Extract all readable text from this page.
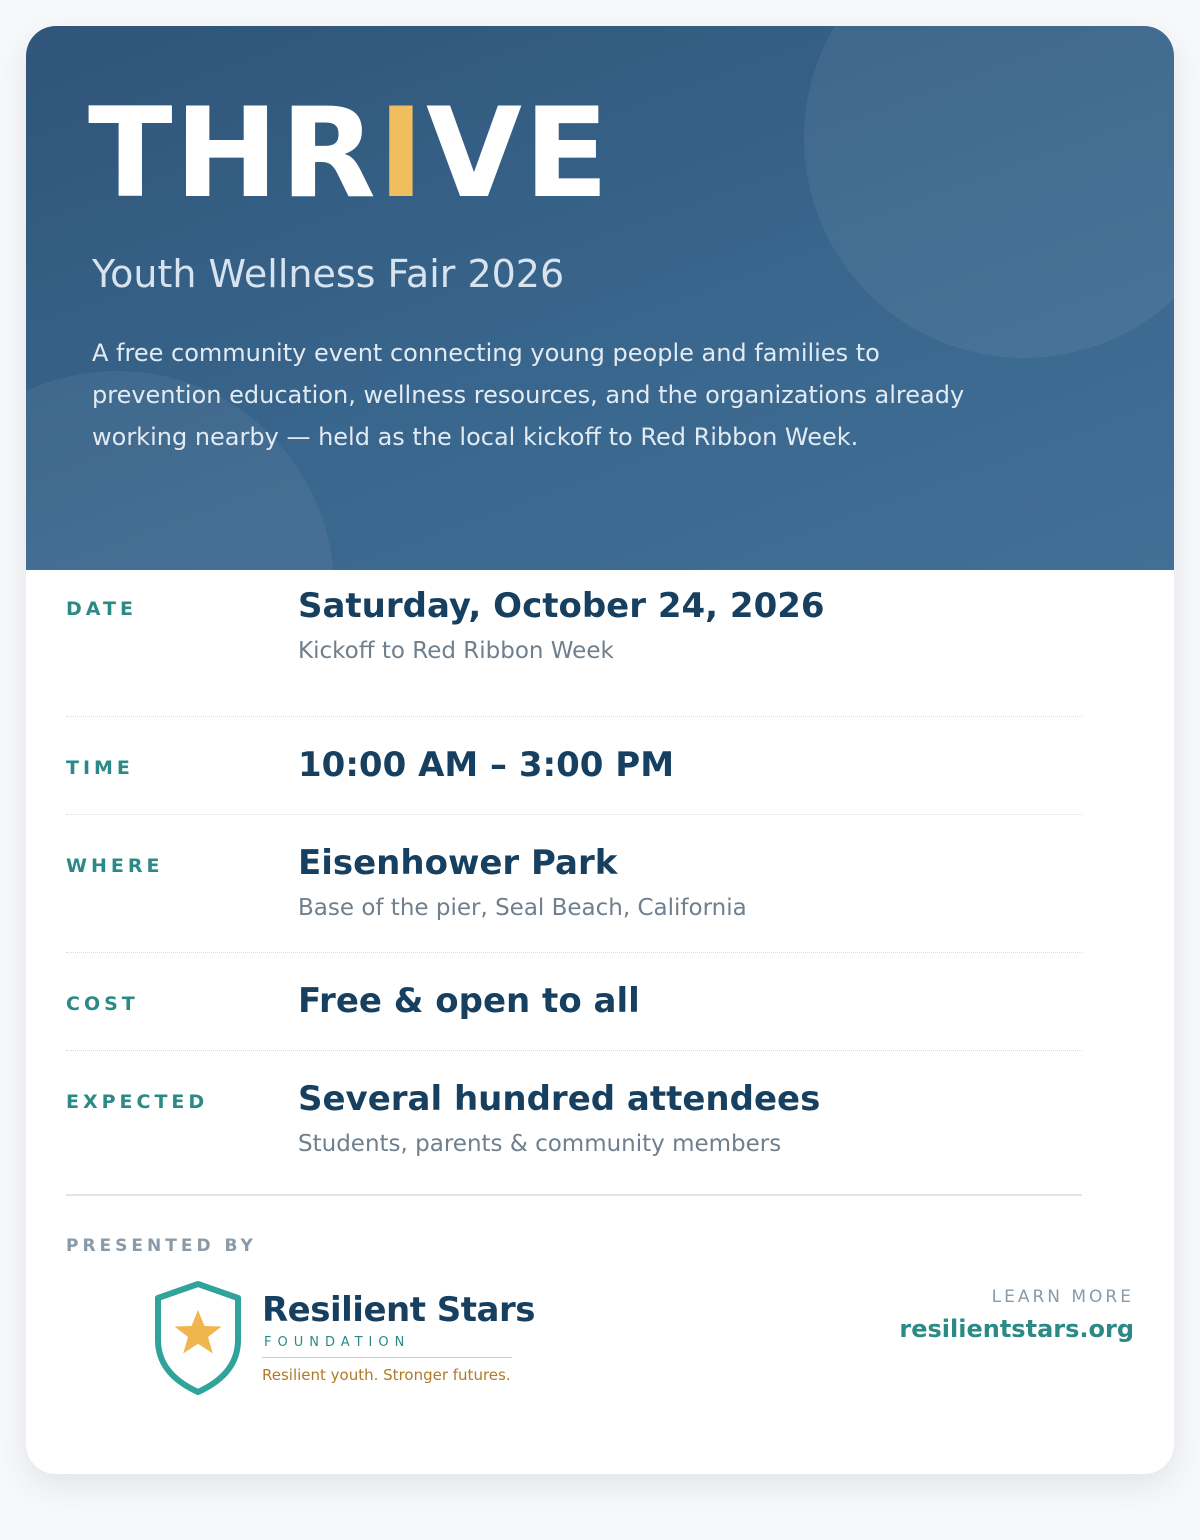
THRIVE
Youth Wellness Fair 2026

A free community event connecting young people and families to prevention education, wellness resources, and the organizations already working nearby — held as the local kickoff to Red Ribbon Week.

DATE	Saturday, October 24, 2026
Kickoff to Red Ribbon Week
TIME	10:00 AM – 3:00 PM
WHERE	Eisenhower Park
Base of the pier, Seal Beach, California
COST	Free & open to all
EXPECTED	Several hundred attendees
Students, parents & community members
PRESENTED BY
Resilient Stars
FOUNDATION
Resilient youth. Stronger futures.
LEARN MORE
resilientstars.org
